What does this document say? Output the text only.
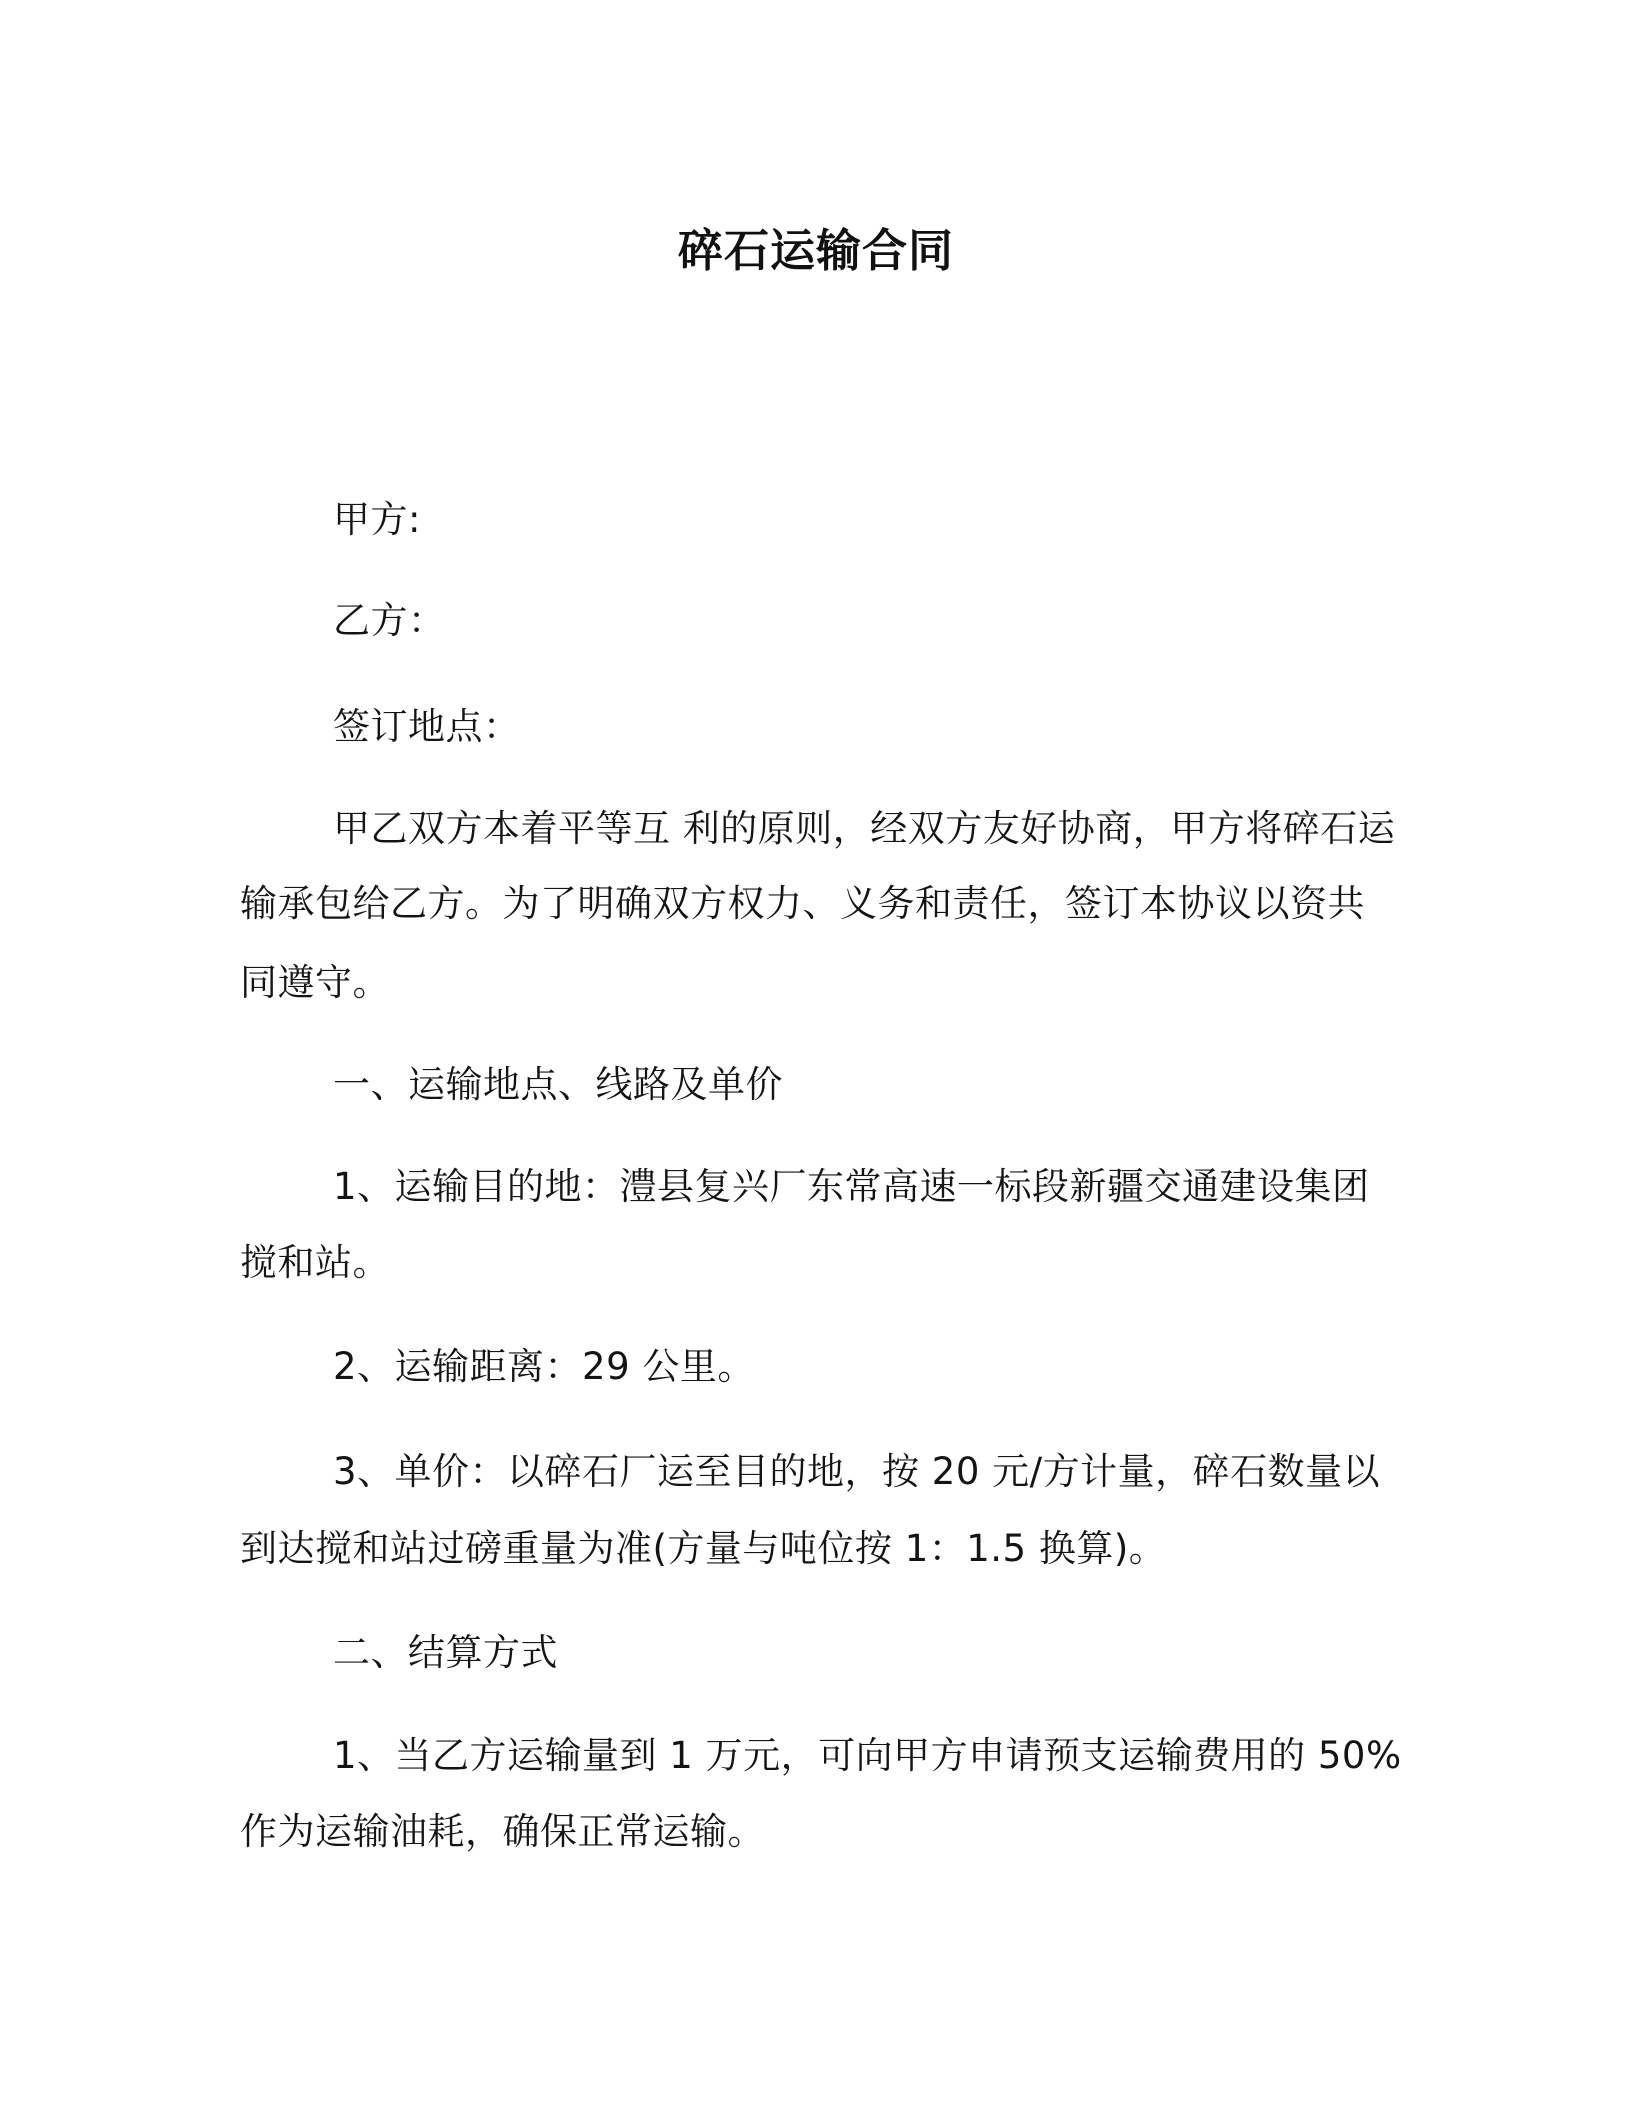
碎石运输合同
甲方:
乙方：
签订地点：
甲乙双方本着平等互 利的原则，经双方友好协商，甲方将碎石运
输承包给乙方。为了明确双方权力、义务和责任，签订本协议以资共
同遵守。
一、运输地点、线路及单价
1、运输目的地：澧县复兴厂东常高速一标段新疆交通建设集团
搅和站。
2、运输距离：29 公里。
3、单价：以碎石厂运至目的地，按 20 元/方计量，碎石数量以
到达搅和站过磅重量为准(方量与吨位按 1：1.5 换算)。
二、结算方式
1、当乙方运输量到 1 万元，可向甲方申请预支运输费用的 50%
作为运输油耗，确保正常运输。
